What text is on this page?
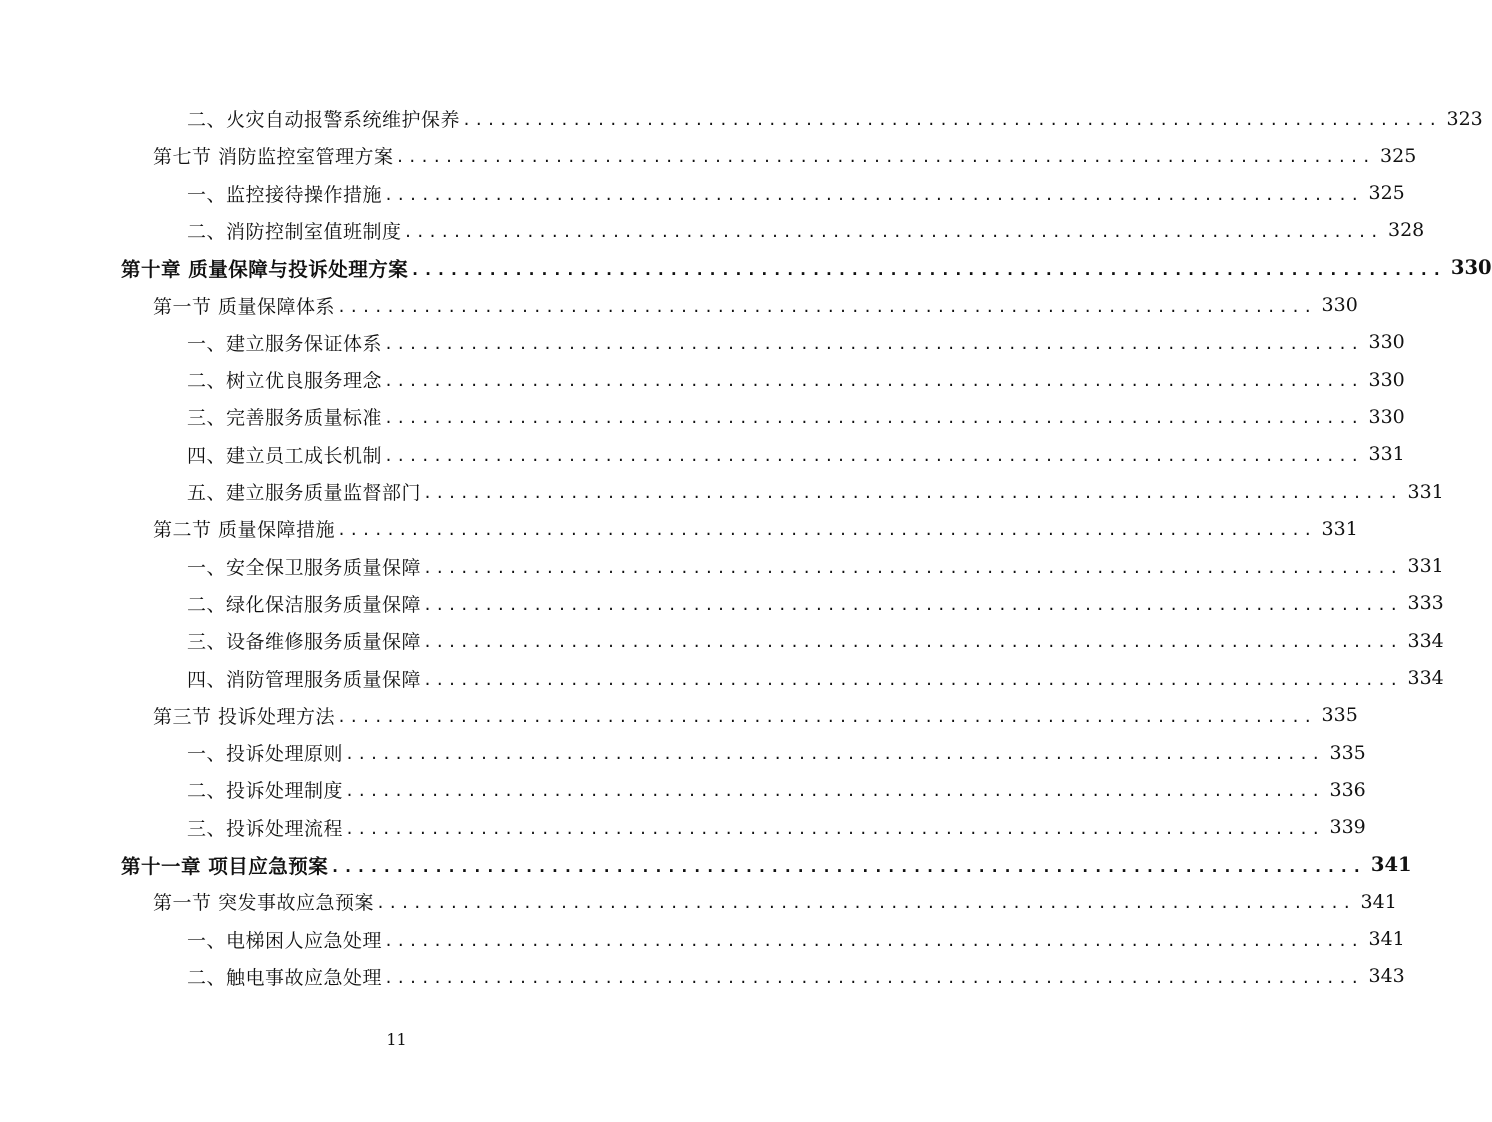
二、火灾自动报警系统维护保养 ................................................................................ 323
第七节 消防监控室管理方案 ................................................................................ 325
一、监控接待操作措施 ................................................................................ 325
二、消防控制室值班制度 ................................................................................ 328
第十章 质量保障与投诉处理方案 ................................................................................ 330
第一节 质量保障体系 ................................................................................ 330
一、建立服务保证体系 ................................................................................ 330
二、树立优良服务理念 ................................................................................ 330
三、完善服务质量标准 ................................................................................ 330
四、建立员工成长机制 ................................................................................ 331
五、建立服务质量监督部门 ................................................................................ 331
第二节 质量保障措施 ................................................................................ 331
一、安全保卫服务质量保障 ................................................................................ 331
二、绿化保洁服务质量保障 ................................................................................ 333
三、设备维修服务质量保障 ................................................................................ 334
四、消防管理服务质量保障 ................................................................................ 334
第三节 投诉处理方法 ................................................................................ 335
一、投诉处理原则 ................................................................................ 335
二、投诉处理制度 ................................................................................ 336
三、投诉处理流程 ................................................................................ 339
第十一章 项目应急预案 ................................................................................ 341
第一节 突发事故应急预案 ................................................................................ 341
一、电梯困人应急处理 ................................................................................ 341
二、触电事故应急处理 ................................................................................ 343
11
